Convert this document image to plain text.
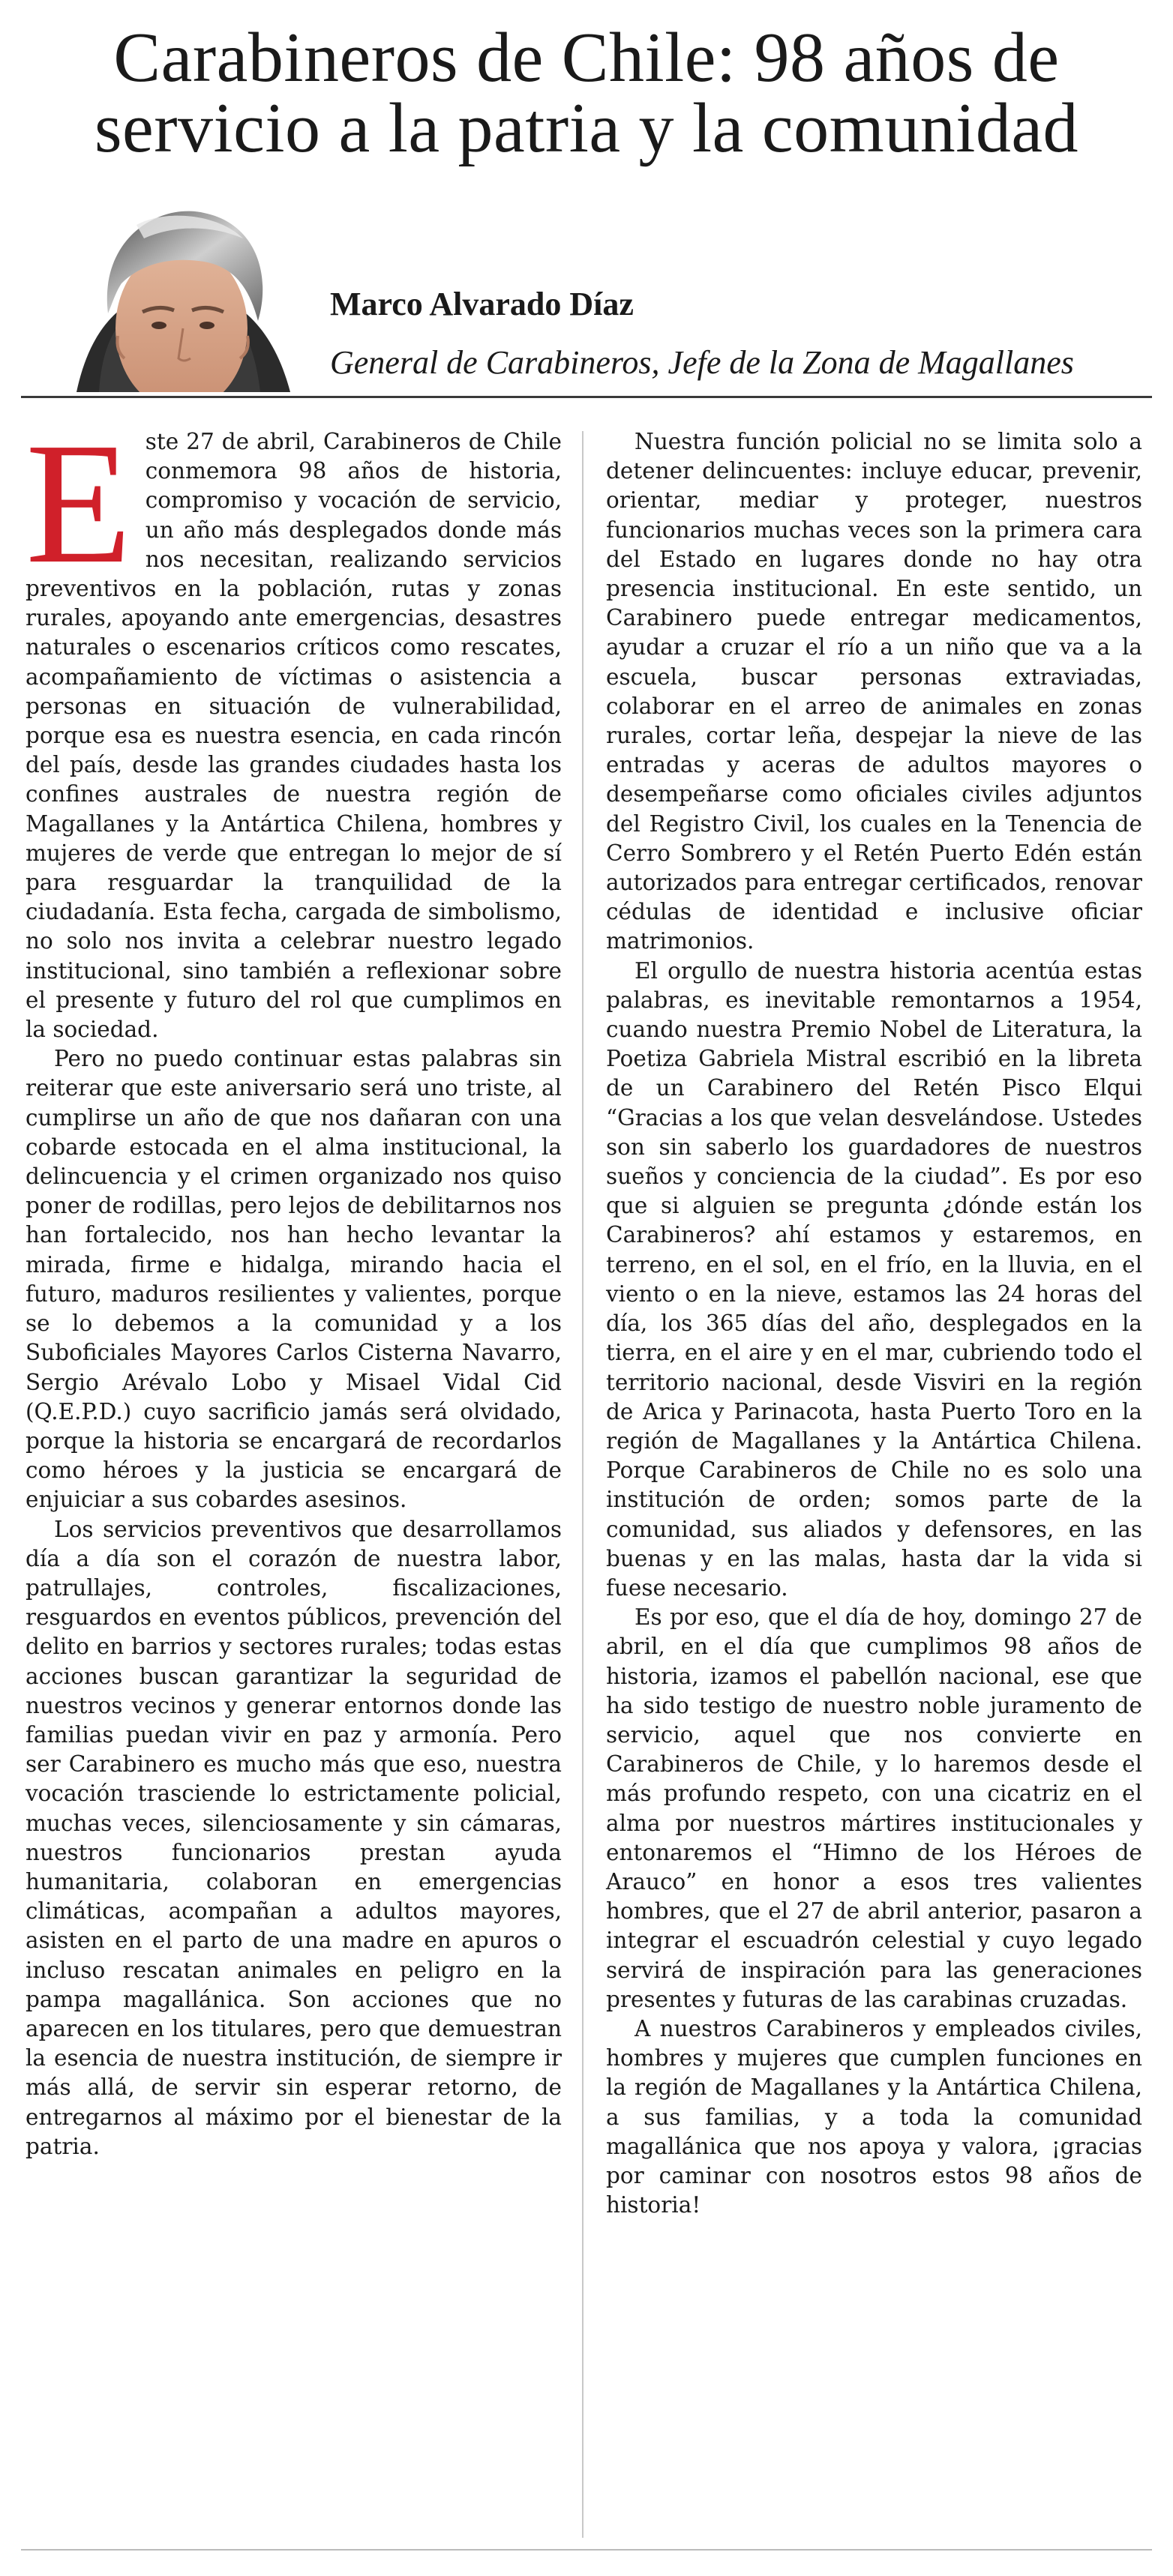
Carabineros de Chile: 98 años de servicio a la patria y la comunidad

Marco Alvarado Díaz

General de Carabineros, Jefe de la Zona de Magallanes

Este 27 de abril, Carabineros de Chile conmemora 98 años de historia, compromiso y vocación de servicio, un año más desplegados donde más nos necesitan, realizando servicios preventivos en la población, rutas y zonas rurales, apoyando ante emergencias, desastres naturales o escenarios críticos como rescates, acompañamiento de víctimas o asistencia a personas en situación de vulnerabilidad, porque esa es nuestra esencia, en cada rincón del país, desde las grandes ciudades hasta los confines australes de nuestra región de Magallanes y la Antártica Chilena, hombres y mujeres de verde que entregan lo mejor de sí para resguardar la tranquilidad de la ciudadanía. Esta fecha, cargada de simbolismo, no solo nos invita a celebrar nuestro legado institucional, sino también a reflexionar sobre el presente y futuro del rol que cumplimos en la sociedad.

Pero no puedo continuar estas palabras sin reiterar que este aniversario será uno triste, al cumplirse un año de que nos dañaran con una cobarde estocada en el alma institucional, la delincuencia y el crimen organizado nos quiso poner de rodillas, pero lejos de debilitarnos nos han fortalecido, nos han hecho levantar la mirada, firme e hidalga, mirando hacia el futuro, maduros resilientes y valientes, porque se lo debemos a la comunidad y a los Suboficiales Mayores Carlos Cisterna Navarro, Sergio Arévalo Lobo y Misael Vidal Cid (Q.E.P.D.) cuyo sacrificio jamás será olvidado, porque la historia se encargará de recordarlos como héroes y la justicia se encargará de enjuiciar a sus cobardes asesinos.

Los servicios preventivos que desarrollamos día a día son el corazón de nuestra labor, patrullajes, controles, fiscalizaciones, resguardos en eventos públicos, prevención del delito en barrios y sectores rurales; todas estas acciones buscan garantizar la seguridad de nuestros vecinos y generar entornos donde las familias puedan vivir en paz y armonía. Pero ser Carabinero es mucho más que eso, nuestra vocación trasciende lo estrictamente policial, muchas veces, silenciosamente y sin cámaras, nuestros funcionarios prestan ayuda humanitaria, colaboran en emergencias climáticas, acompañan a adultos mayores, asisten en el parto de una madre en apuros o incluso rescatan animales en peligro en la pampa magallánica. Son acciones que no aparecen en los titulares, pero que demuestran la esencia de nuestra institución, de siempre ir más allá, de servir sin esperar retorno, de entregarnos al máximo por el bienestar de la patria.

Nuestra función policial no se limita solo a detener delincuentes: incluye educar, prevenir, orientar, mediar y proteger, nuestros funcionarios muchas veces son la primera cara del Estado en lugares donde no hay otra presencia institucional. En este sentido, un Carabinero puede entregar medicamentos, ayudar a cruzar el río a un niño que va a la escuela, buscar personas extraviadas, colaborar en el arreo de animales en zonas rurales, cortar leña, despejar la nieve de las entradas y aceras de adultos mayores o desempeñarse como oficiales civiles adjuntos del Registro Civil, los cuales en la Tenencia de Cerro Sombrero y el Retén Puerto Edén están autorizados para entregar certificados, renovar cédulas de identidad e inclusive oficiar matrimonios.

El orgullo de nuestra historia acentúa estas palabras, es inevitable remontarnos a 1954, cuando nuestra Premio Nobel de Literatura, la Poetiza Gabriela Mistral escribió en la libreta de un Carabinero del Retén Pisco Elqui “Gracias a los que velan desvelándose. Ustedes son sin saberlo los guardadores de nuestros sueños y conciencia de la ciudad”. Es por eso que si alguien se pregunta ¿dónde están los Carabineros? ahí estamos y estaremos, en terreno, en el sol, en el frío, en la lluvia, en el viento o en la nieve, estamos las 24 horas del día, los 365 días del año, desplegados en la tierra, en el aire y en el mar, cubriendo todo el territorio nacional, desde Visviri en la región de Arica y Parinacota, hasta Puerto Toro en la región de Magallanes y la Antártica Chilena. Porque Carabineros de Chile no es solo una institución de orden; somos parte de la comunidad, sus aliados y defensores, en las buenas y en las malas, hasta dar la vida si fuese necesario.

Es por eso, que el día de hoy, domingo 27 de abril, en el día que cumplimos 98 años de historia, izamos el pabellón nacional, ese que ha sido testigo de nuestro noble juramento de servicio, aquel que nos convierte en Carabineros de Chile, y lo haremos desde el más profundo respeto, con una cicatriz en el alma por nuestros mártires institucionales y entonaremos el “Himno de los Héroes de Arauco” en honor a esos tres valientes hombres, que el 27 de abril anterior, pasaron a integrar el escuadrón celestial y cuyo legado servirá de inspiración para las generaciones presentes y futuras de las carabinas cruzadas.

A nuestros Carabineros y empleados civiles, hombres y mujeres que cumplen funciones en la región de Magallanes y la Antártica Chilena, a sus familias, y a toda la comunidad magallánica que nos apoya y valora, ¡gracias por caminar con nosotros estos 98 años de historia!
